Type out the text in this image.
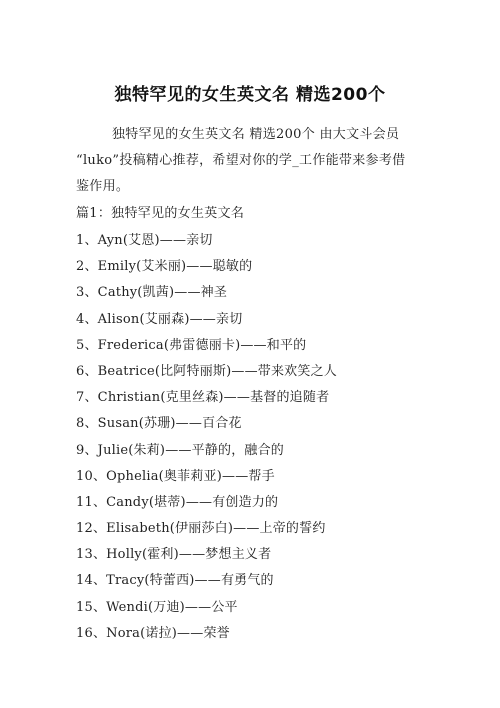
独特罕见的女生英文名 精选200个
独特罕见的女生英文名 精选200个 由大文斗会员

“luko”投稿精心推荐，希望对你的学_工作能带来参考借
鉴作用。
篇1：独特罕见的女生英文名
1、Ayn(艾恩)——亲切
2、Emily(艾米丽)——聪敏的
3、Cathy(凯茜)——神圣
4、Alison(艾丽森)——亲切
5、Frederica(弗雷德丽卡)——和平的
6、Beatrice(比阿特丽斯)——带来欢笑之人
7、Christian(克里丝森)——基督的追随者
8、Susan(苏珊)——百合花
9、Julie(朱莉)——平静的，融合的
10、Ophelia(奥菲莉亚)——帮手
11、Candy(堪蒂)——有创造力的
12、Elisabeth(伊丽莎白)——上帝的誓约
13、Holly(霍利)——梦想主义者
14、Tracy(特蕾西)——有勇气的
15、Wendi(万迪)——公平
16、Nora(诺拉)——荣誉
